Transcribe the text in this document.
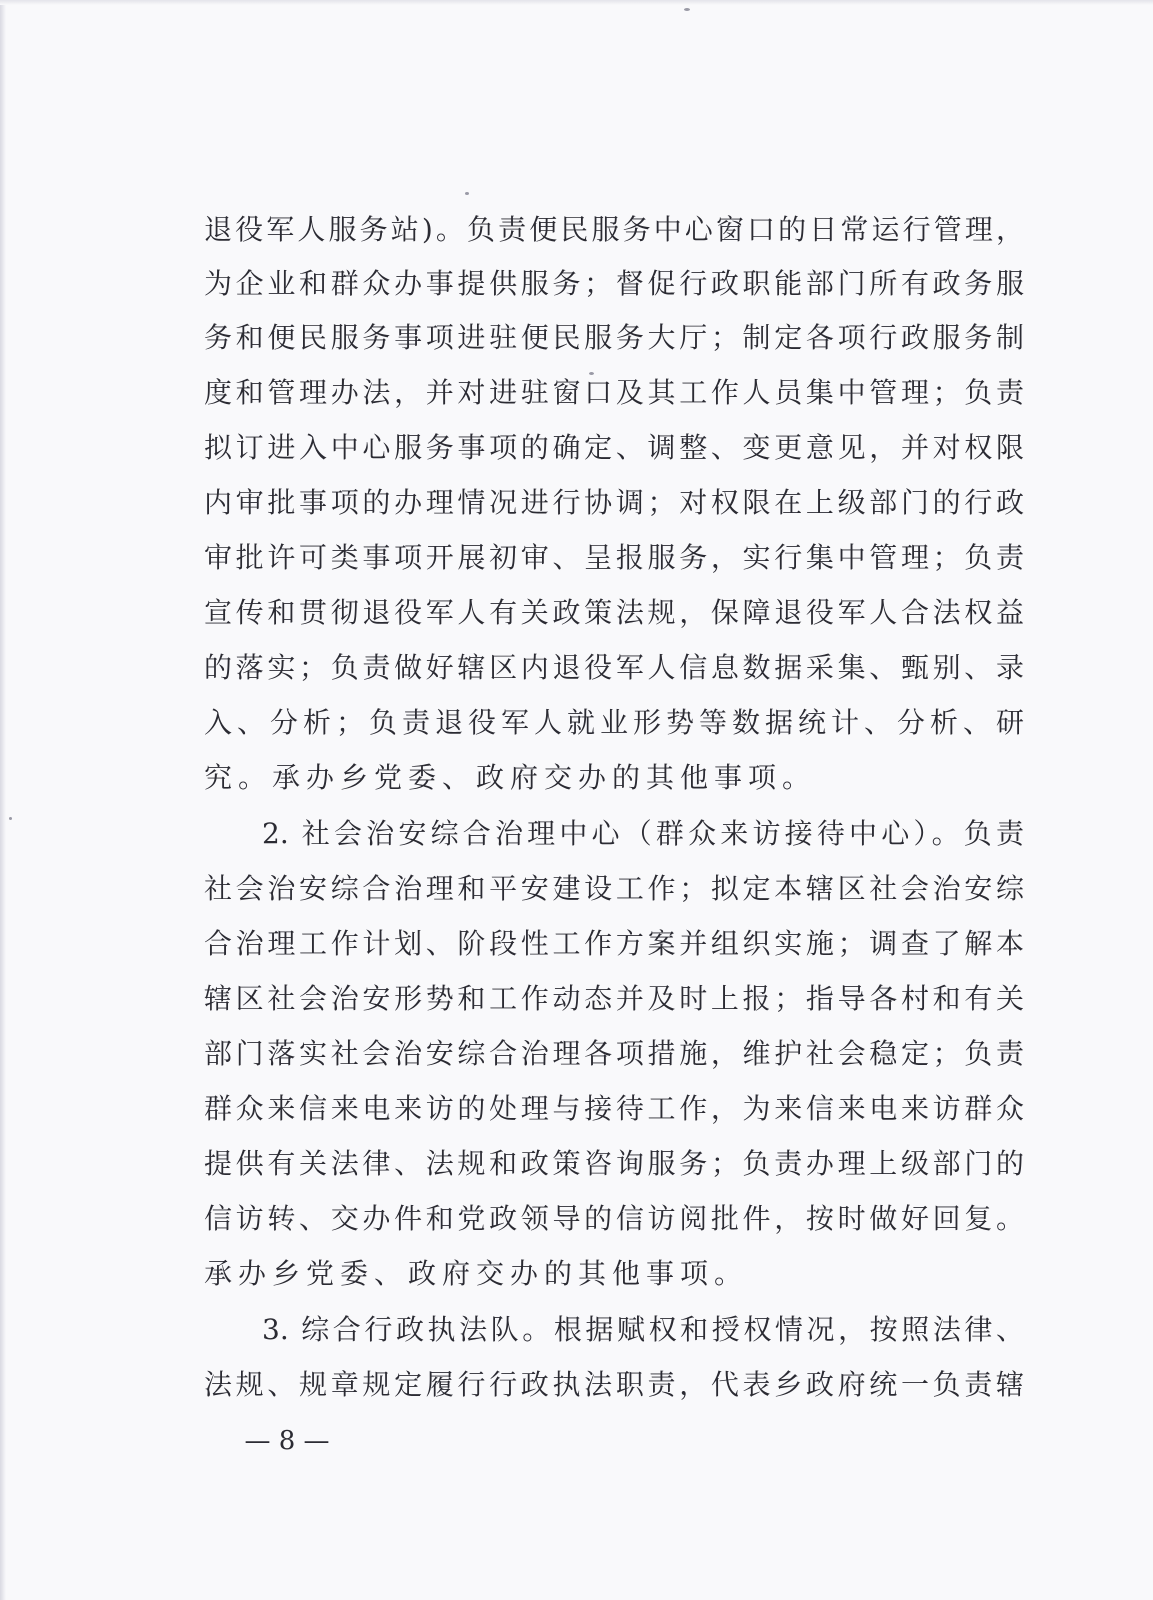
退役军人服务站)。负责便民服务中心窗口的日常运行管理，

为企业和群众办事提供服务；督促行政职能部门所有政务服

务和便民服务事项进驻便民服务大厅；制定各项行政服务制

度和管理办法，并对进驻窗口及其工作人员集中管理；负责

拟订进入中心服务事项的确定、调整、变更意见，并对权限

内审批事项的办理情况进行协调；对权限在上级部门的行政

审批许可类事项开展初审、呈报服务，实行集中管理；负责

宣传和贯彻退役军人有关政策法规，保障退役军人合法权益

的落实；负责做好辖区内退役军人信息数据采集、甄别、录

入、分析；负责退役军人就业形势等数据统计、分析、研

究。承办乡党委、政府交办的其他事项。

2. 社会治安综合治理中心（群众来访接待中心）。负责

社会治安综合治理和平安建设工作；拟定本辖区社会治安综

合治理工作计划、阶段性工作方案并组织实施；调查了解本

辖区社会治安形势和工作动态并及时上报；指导各村和有关

部门落实社会治安综合治理各项措施，维护社会稳定；负责

群众来信来电来访的处理与接待工作，为来信来电来访群众

提供有关法律、法规和政策咨询服务；负责办理上级部门的

信访转、交办件和党政领导的信访阅批件，按时做好回复。

承办乡党委、政府交办的其他事项。

3. 综合行政执法队。根据赋权和授权情况，按照法律、

法规、规章规定履行行政执法职责，代表乡政府统一负责辖

— 8 —
